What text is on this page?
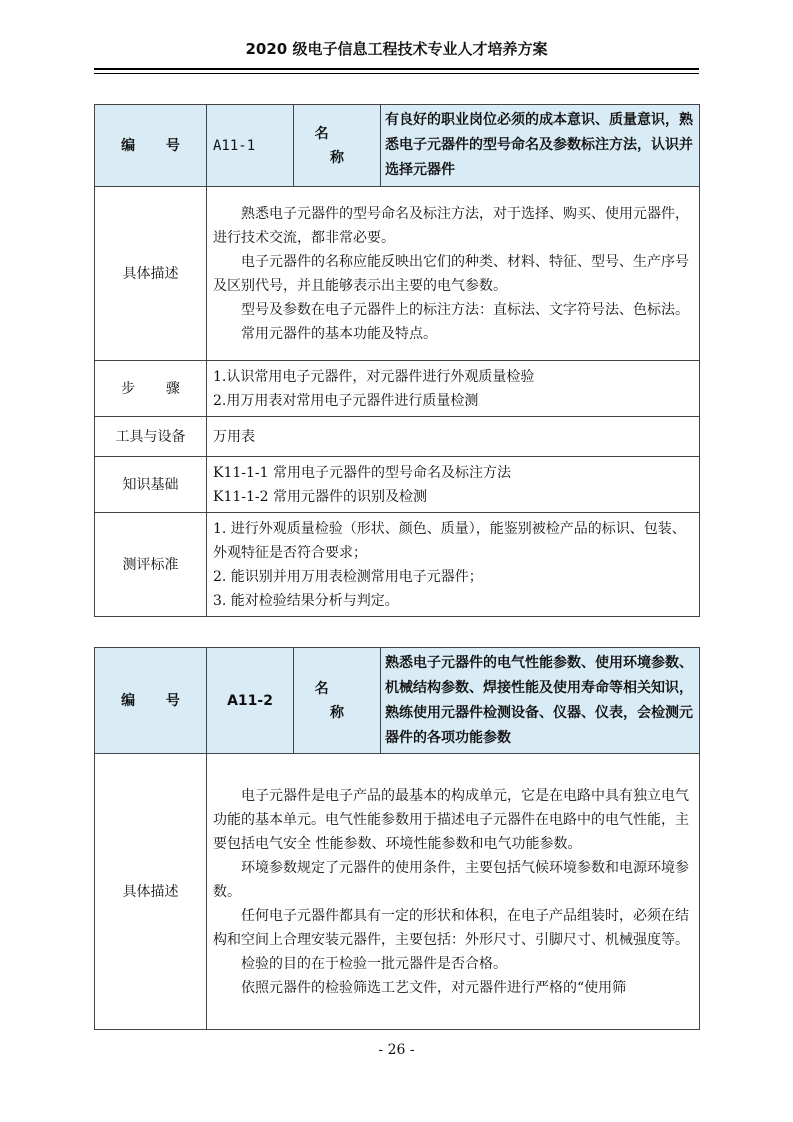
2020 级电子信息工程技术专业人才培养方案
编号	A11-1	名称	有良好的职业岗位必须的成本意识、质量意识，熟悉电子元器件的型号命名及参数标注方法，认识并选择元器件
具体描述	熟悉电子元器件的型号命名及标注方法，对于选择、购买、使用元器件，进行技术交流，都非常必要。
电子元器件的名称应能反映出它们的种类、材料、特征、型号、生产序号及区别代号，并且能够表示出主要的电气参数。
型号及参数在电子元器件上的标注方法：直标法、文字符号法、色标法。
常用元器件的基本功能及特点。		

步骤	1.认识常用电子元器件，对元器件进行外观质量检验
2.用万用表对常用电子元器件进行质量检测		

工具与设备	万用表		
知识基础	K11-1-1 常用电子元器件的型号命名及标注方法
K11-1-2 常用元器件的识别及检测		

测评标准	1. 进行外观质量检验（形状、颜色、质量），能鉴别被检产品的标识、包装、外观特征是否符合要求；
2. 能识别并用万用表检测常用电子元器件；
3. 能对检验结果分析与判定。		
编号	A11-2	名称	熟悉电子元器件的电气性能参数、使用环境参数、机械结构参数、焊接性能及使用寿命等相关知识，熟练使用元器件检测设备、仪器、仪表，会检测元器件的各项功能参数
具体描述	电子元器件是电子产品的最基本的构成单元，它是在电路中具有独立电气功能的基本单元。电气性能参数用于描述电子元器件在电路中的电气性能，主要包括电气安全 性能参数、环境性能参数和电气功能参数。
环境参数规定了元器件的使用条件，主要包括气候环境参数和电源环境参数。
任何电子元器件都具有一定的形状和体积，在电子产品组装时，必须在结构和空间上合理安装元器件，主要包括：外形尺寸、引脚尺寸、机械强度等。
检验的目的在于检验一批元器件是否合格。
依照元器件的检验筛选工艺文件，对元器件进行严格的“使用筛		
- 26 -
